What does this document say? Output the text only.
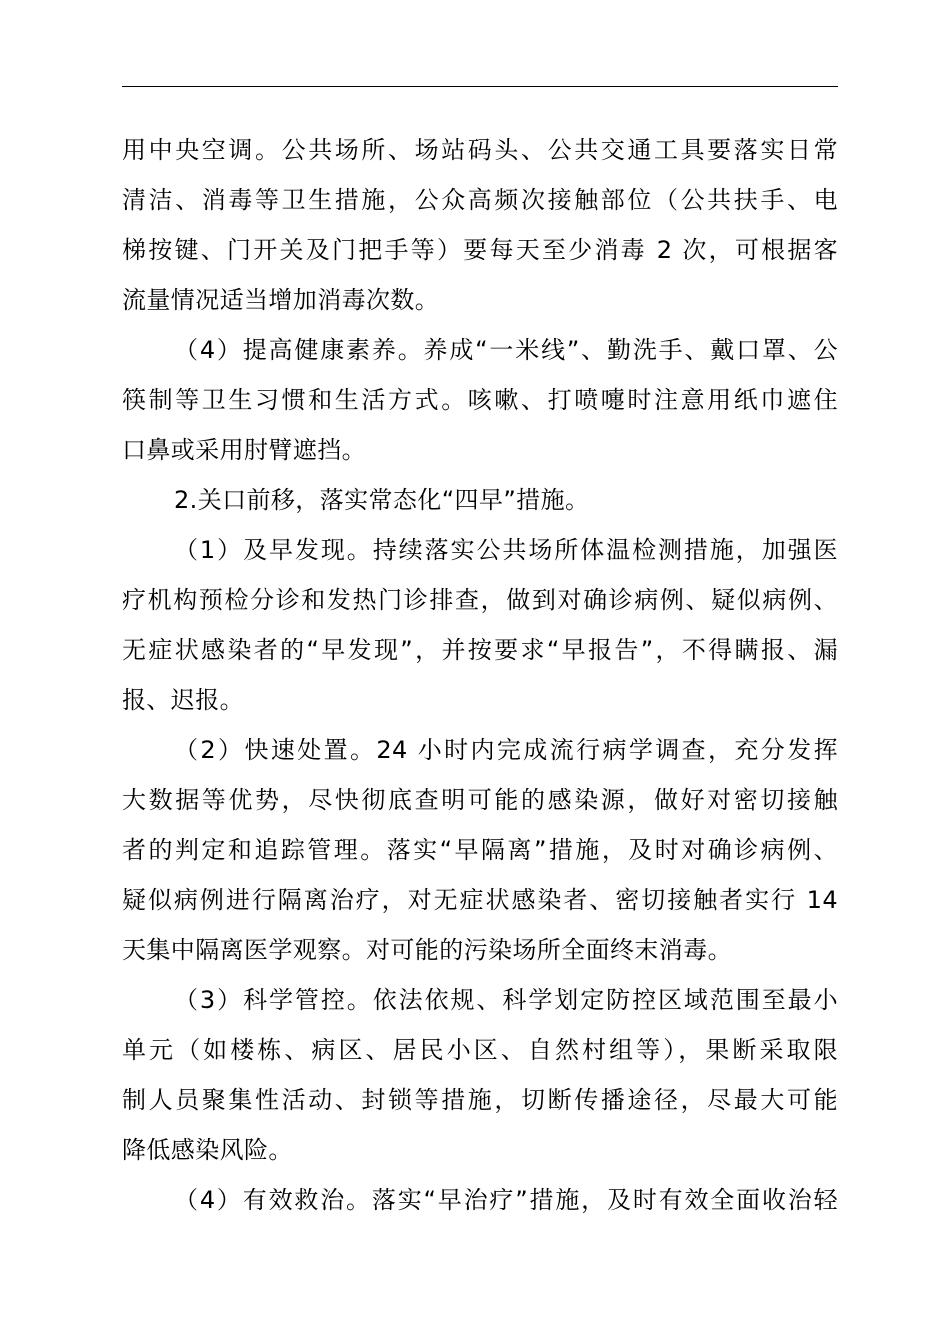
用中央空调。公共场所、场站码头、公共交通工具要落实日常
清洁、消毒等卫生措施，公众高频次接触部位（公共扶手、电
梯按键、门开关及门把手等）要每天至少消毒 2 次，可根据客
流量情况适当增加消毒次数。
（4）提高健康素养。养成“一米线”、勤洗手、戴口罩、公
筷制等卫生习惯和生活方式。咳嗽、打喷嚏时注意用纸巾遮住
口鼻或采用肘臂遮挡。
2.关口前移，落实常态化“四早”措施。
（1）及早发现。持续落实公共场所体温检测措施，加强医
疗机构预检分诊和发热门诊排查，做到对确诊病例、疑似病例、
无症状感染者的“早发现”，并按要求“早报告”，不得瞒报、漏
报、迟报。
（2）快速处置。24 小时内完成流行病学调查，充分发挥
大数据等优势，尽快彻底查明可能的感染源，做好对密切接触
者的判定和追踪管理。落实“早隔离”措施，及时对确诊病例、
疑似病例进行隔离治疗，对无症状感染者、密切接触者实行 14
天集中隔离医学观察。对可能的污染场所全面终末消毒。
（3）科学管控。依法依规、科学划定防控区域范围至最小
单元（如楼栋、病区、居民小区、自然村组等），果断采取限
制人员聚集性活动、封锁等措施，切断传播途径，尽最大可能
降低感染风险。
（4）有效救治。落实“早治疗”措施，及时有效全面收治轻
